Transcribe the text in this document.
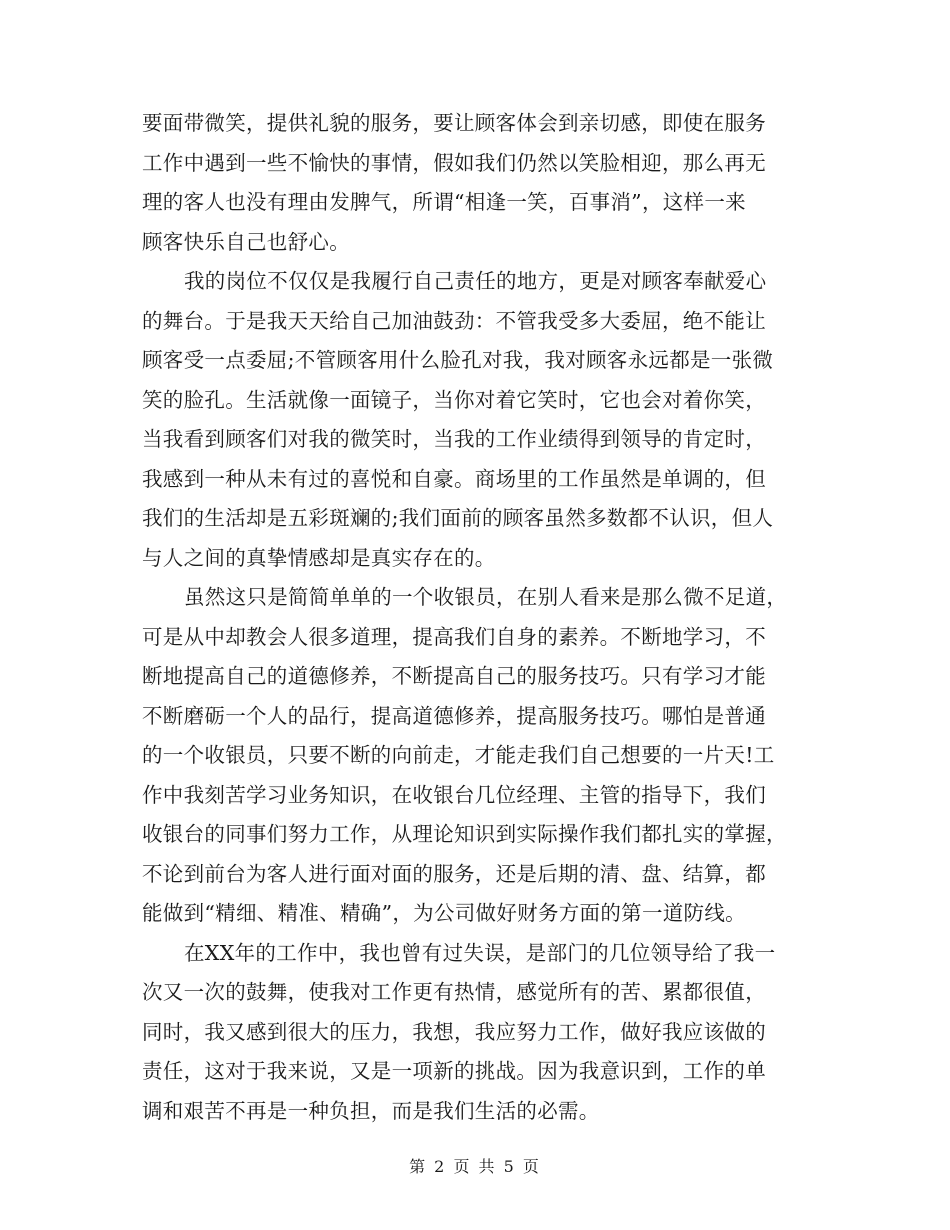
要面带微笑，提供礼貌的服务，要让顾客体会到亲切感，即使在服务
工作中遇到一些不愉快的事情，假如我们仍然以笑脸相迎，那么再无
理的客人也没有理由发脾气，所谓“相逢一笑，百事消”，这样一来
顾客快乐自己也舒心。

我的岗位不仅仅是我履行自己责任的地方，更是对顾客奉献爱心
的舞台。于是我天天给自己加油鼓劲：不管我受多大委屈，绝不能让
顾客受一点委屈;不管顾客用什么脸孔对我，我对顾客永远都是一张微
笑的脸孔。生活就像一面镜子，当你对着它笑时，它也会对着你笑，
当我看到顾客们对我的微笑时，当我的工作业绩得到领导的肯定时，
我感到一种从未有过的喜悦和自豪。商场里的工作虽然是单调的，但
我们的生活却是五彩斑斓的;我们面前的顾客虽然多数都不认识，但人
与人之间的真挚情感却是真实存在的。

虽然这只是简简单单的一个收银员，在别人看来是那么微不足道，
可是从中却教会人很多道理，提高我们自身的素养。不断地学习，不
断地提高自己的道德修养，不断提高自己的服务技巧。只有学习才能
不断磨砺一个人的品行，提高道德修养，提高服务技巧。哪怕是普通
的一个收银员，只要不断的向前走，才能走我们自己想要的一片天!工
作中我刻苦学习业务知识，在收银台几位经理、主管的指导下，我们
收银台的同事们努力工作，从理论知识到实际操作我们都扎实的掌握，
不论到前台为客人进行面对面的服务，还是后期的清、盘、结算，都
能做到“精细、精准、精确”，为公司做好财务方面的第一道防线。

在XX年的工作中，我也曾有过失误，是部门的几位领导给了我一
次又一次的鼓舞，使我对工作更有热情，感觉所有的苦、累都很值，
同时，我又感到很大的压力，我想，我应努力工作，做好我应该做的
责任，这对于我来说，又是一项新的挑战。因为我意识到，工作的单
调和艰苦不再是一种负担，而是我们生活的必需。

第 2 页 共 5 页
